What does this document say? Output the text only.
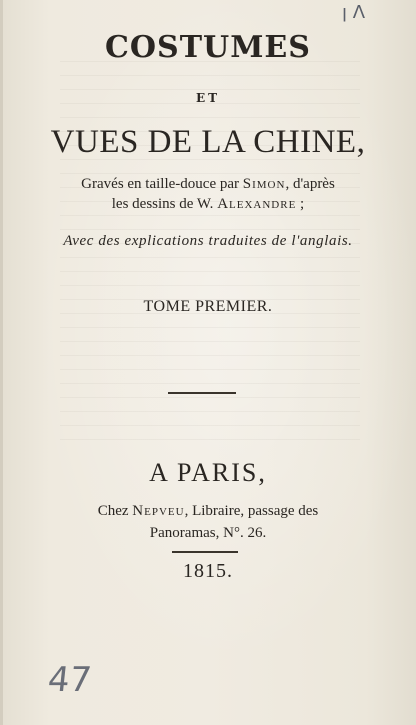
ꞁ Λ
COSTUMES
ET
VUES DE LA CHINE,
Gravés en taille-douce par Simon, d'après
les dessins de W. Alexandre ;
Avec des explications traduites de l'anglais.
TOME PREMIER.
A PARIS,
Chez Nepveu, Libraire, passage des
Panoramas, N°. 26.
1815.
47
